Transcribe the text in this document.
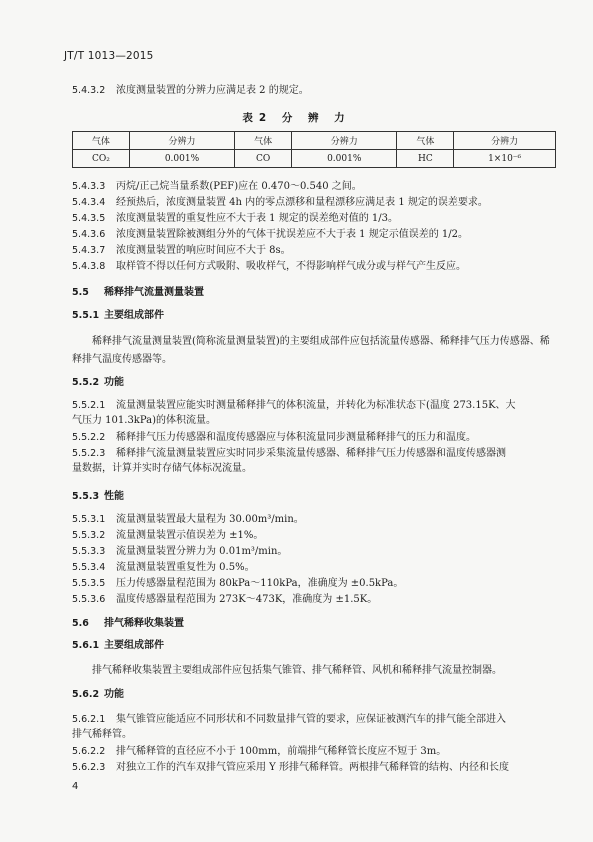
JT/T 1013—2015
5.4.3.2 浓度测量装置的分辨力应满足表 2 的规定。
表2 分 辨 力
气体	分辨力	气体	分辨力	气体	分辨力
CO₂	0.001%	CO	0.001%	HC	1×10⁻⁶
5.4.3.3 丙烷/正己烷当量系数(PEF)应在 0.470～0.540 之间。
5.4.3.4 经预热后，浓度测量装置 4h 内的零点漂移和量程漂移应满足表 1 规定的误差要求。
5.4.3.5 浓度测量装置的重复性应不大于表 1 规定的误差绝对值的 1/3。
5.4.3.6 浓度测量装置除被测组分外的气体干扰误差应不大于表 1 规定示值误差的 1/2。
5.4.3.7 浓度测量装置的响应时间应不大于 8s。
5.4.3.8 取样管不得以任何方式吸附、吸收样气，不得影响样气成分或与样气产生反应。
5.5 稀释排气流量测量装置
5.5.1 主要组成部件
稀释排气流量测量装置(简称流量测量装置)的主要组成部件应包括流量传感器、稀释排气压力传感器、稀释排气温度传感器等。
5.5.2 功能
5.5.2.1 流量测量装置应能实时测量稀释排气的体积流量，并转化为标准状态下(温度 273.15K、大
气压力 101.3kPa)的体积流量。
5.5.2.2 稀释排气压力传感器和温度传感器应与体积流量同步测量稀释排气的压力和温度。
5.5.2.3 稀释排气流量测量装置应实时同步采集流量传感器、稀释排气压力传感器和温度传感器测
量数据，计算并实时存储气体标况流量。
5.5.3 性能
5.5.3.1 流量测量装置最大量程为 30.00m³/min。
5.5.3.2 流量测量装置示值误差为 ±1%。
5.5.3.3 流量测量装置分辨力为 0.01m³/min。
5.5.3.4 流量测量装置重复性为 0.5%。
5.5.3.5 压力传感器量程范围为 80kPa～110kPa，准确度为 ±0.5kPa。
5.5.3.6 温度传感器量程范围为 273K～473K，准确度为 ±1.5K。
5.6 排气稀释收集装置
5.6.1 主要组成部件
排气稀释收集装置主要组成部件应包括集气锥管、排气稀释管、风机和稀释排气流量控制器。
5.6.2 功能
5.6.2.1 集气锥管应能适应不同形状和不同数量排气管的要求，应保证被测汽车的排气能全部进入
排气稀释管。
5.6.2.2 排气稀释管的直径应不小于 100mm，前端排气稀释管长度应不短于 3m。
5.6.2.3 对独立工作的汽车双排气管应采用 Y 形排气稀释管。两根排气稀释管的结构、内径和长度
4
